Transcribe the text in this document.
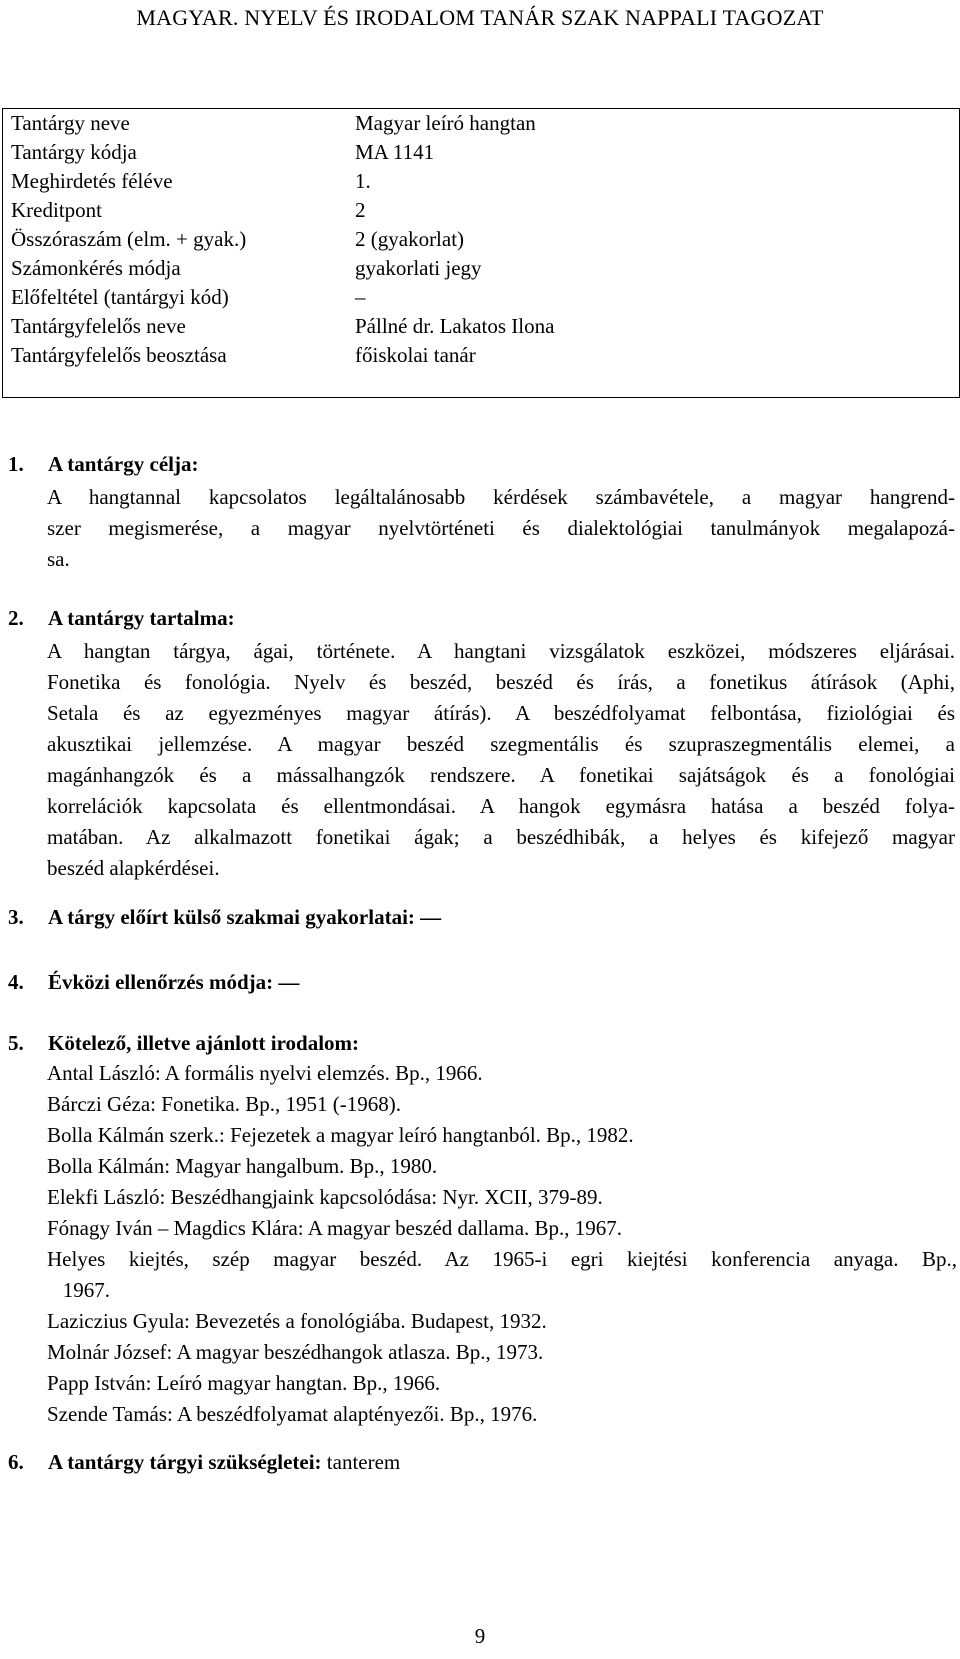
MAGYAR. NYELV ÉS IRODALOM TANÁR SZAK NAPPALI TAGOZAT
Tantárgy neve	Magyar leíró hangtan
Tantárgy kódja	MA 1141
Meghirdetés féléve	1.
Kreditpont	2
Összóraszám (elm. + gyak.)	2 (gyakorlat)
Számonkérés módja	gyakorlati jegy
Előfeltétel (tantárgyi kód)	–
Tantárgyfelelős neve	Pállné dr. Lakatos Ilona
Tantárgyfelelős beosztása	főiskolai tanár
1. A tantárgy célja:
A hangtannal kapcsolatos legáltalánosabb kérdések számbavétele, a magyar hangrend-
szer megismerése, a magyar nyelvtörténeti és dialektológiai tanulmányok megalapozá-
sa.
2. A tantárgy tartalma:
A hangtan tárgya, ágai, története. A hangtani vizsgálatok eszközei, módszeres eljárásai.
Fonetika és fonológia. Nyelv és beszéd, beszéd és írás, a fonetikus átírások (Aphi,
Setala és az egyezményes magyar átírás). A beszédfolyamat felbontása, fiziológiai és
akusztikai jellemzése. A magyar beszéd szegmentális és szupraszegmentális elemei, a
magánhangzók és a mássalhangzók rendszere. A fonetikai sajátságok és a fonológiai
korrelációk kapcsolata és ellentmondásai. A hangok egymásra hatása a beszéd folya-
matában. Az alkalmazott fonetikai ágak; a beszédhibák, a helyes és kifejező magyar
beszéd alapkérdései.
3. A tárgy előírt külső szakmai gyakorlatai: —
4. Évközi ellenőrzés módja: —
5. Kötelező, illetve ajánlott irodalom:
Antal László: A formális nyelvi elemzés. Bp., 1966.
Bárczi Géza: Fonetika. Bp., 1951 (-1968).
Bolla Kálmán szerk.: Fejezetek a magyar leíró hangtanból. Bp., 1982.
Bolla Kálmán: Magyar hangalbum. Bp., 1980.
Elekfi László: Beszédhangjaink kapcsolódása: Nyr. XCII, 379-89.
Fónagy Iván – Magdics Klára: A magyar beszéd dallama. Bp., 1967.
Helyes kiejtés, szép magyar beszéd. Az 1965-i egri kiejtési konferencia anyaga. Bp.,
1967.
Laziczius Gyula: Bevezetés a fonológiába. Budapest, 1932.
Molnár József: A magyar beszédhangok atlasza. Bp., 1973.
Papp István: Leíró magyar hangtan. Bp., 1966.
Szende Tamás: A beszédfolyamat alaptényezői. Bp., 1976.
6. A tantárgy tárgyi szükségletei: tanterem
9
